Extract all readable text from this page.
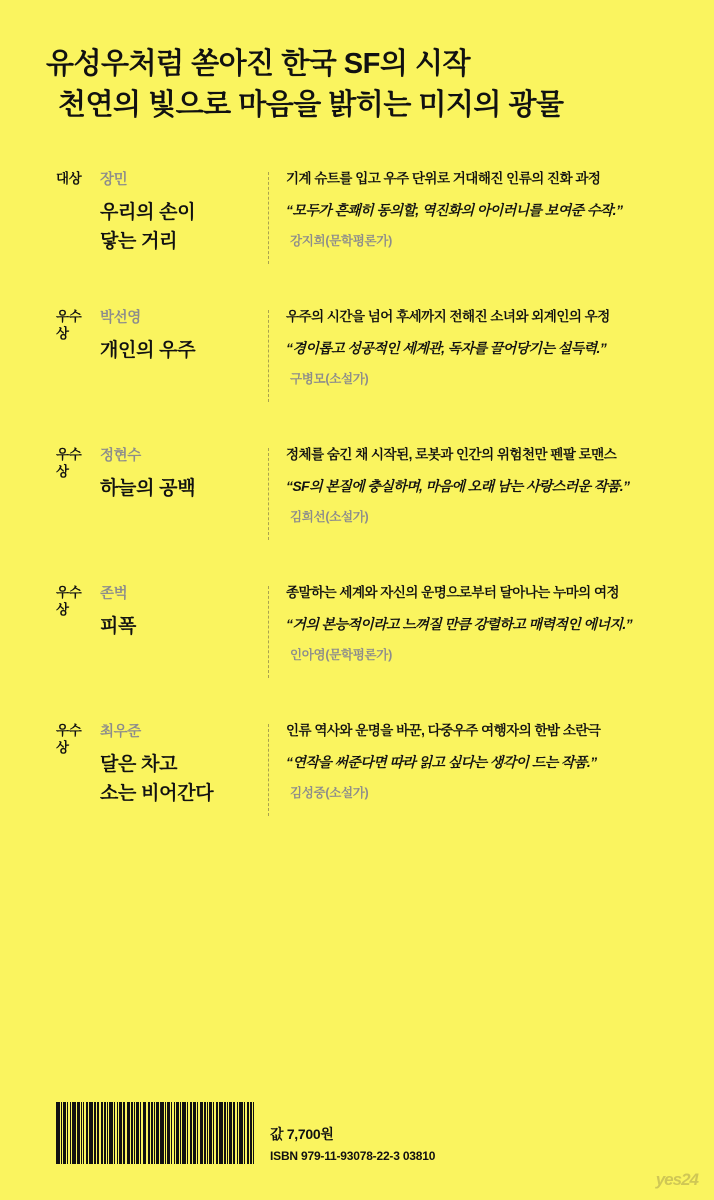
유성우처럼 쏟아진 한국 SF의 시작
천연의 빛으로 마음을 밝히는 미지의 광물
대상	장민
우리의 손이
닿는 거리
기계 슈트를 입고 우주 단위로 거대해진 인류의 진화 과정
“모두가 흔쾌히 동의할, 역진화의 아이러니를 보여준 수작.”
강지희(문학평론가)
우수상
박선영
개인의 우주
우주의 시간을 넘어 후세까지 전해진 소녀와 외계인의 우정
“경이롭고 성공적인 세계관, 독자를 끌어당기는 설득력.”
구병모(소설가)
우수상
정현수
하늘의 공백
정체를 숨긴 채 시작된, 로봇과 인간의 위험천만 펜팔 로맨스
“SF의 본질에 충실하며, 마음에 오래 남는 사랑스러운 작품.”
김희선(소설가)
우수상
존벅
피폭
종말하는 세계와 자신의 운명으로부터 달아나는 누마의 여정
“거의 본능적이라고 느껴질 만큼 강렬하고 매력적인 에너지.”
인아영(문학평론가)
우수상
최우준
달은 차고
소는 비어간다
인류 역사와 운명을 바꾼, 다중우주 여행자의 한밤 소란극
“연작을 써준다면 따라 읽고 싶다는 생각이 드는 작품.”
김성중(소설가)
값 7,700원
ISBN 979-11-93078-22-3 03810
yes24
